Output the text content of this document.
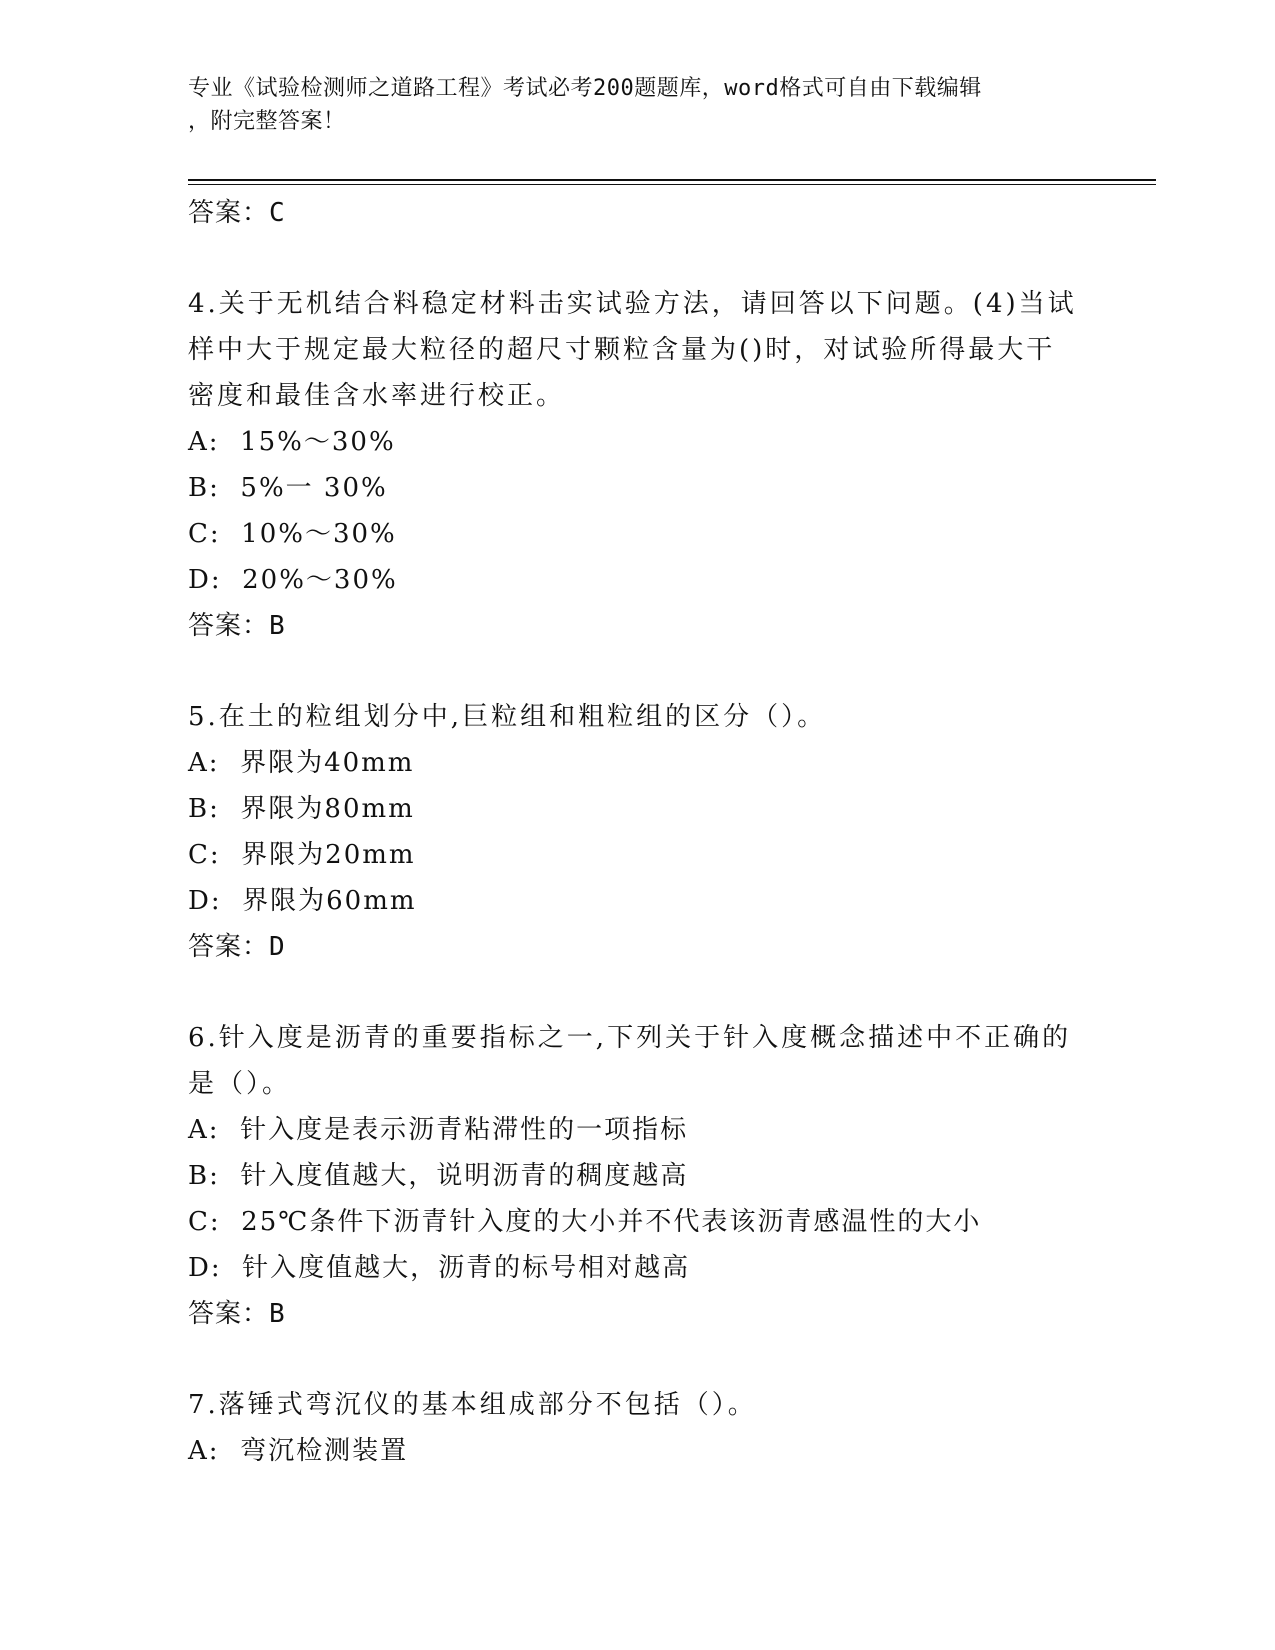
专业《试验检测师之道路工程》考试必考200题题库，word格式可自由下载编辑
，附完整答案！
答案：C
4.关于无机结合料稳定材料击实试验方法，请回答以下问题。(4)当试
样中大于规定最大粒径的超尺寸颗粒含量为()时，对试验所得最大干
密度和最佳含水率进行校正。
A:  15%～30%
B:  5%一 30%
C:  10%～30%
D:  20%～30%
答案：B
5.在土的粒组划分中,巨粒组和粗粒组的区分（）。
A:  界限为40mm
B:  界限为80mm
C:  界限为20mm
D:  界限为60mm
答案：D
6.针入度是沥青的重要指标之一,下列关于针入度概念描述中不正确的
是（）。
A:  针入度是表示沥青粘滞性的一项指标
B:  针入度值越大，说明沥青的稠度越高
C:  25℃条件下沥青针入度的大小并不代表该沥青感温性的大小
D:  针入度值越大，沥青的标号相对越高
答案：B
7.落锤式弯沉仪的基本组成部分不包括（）。
A:  弯沉检测装置
